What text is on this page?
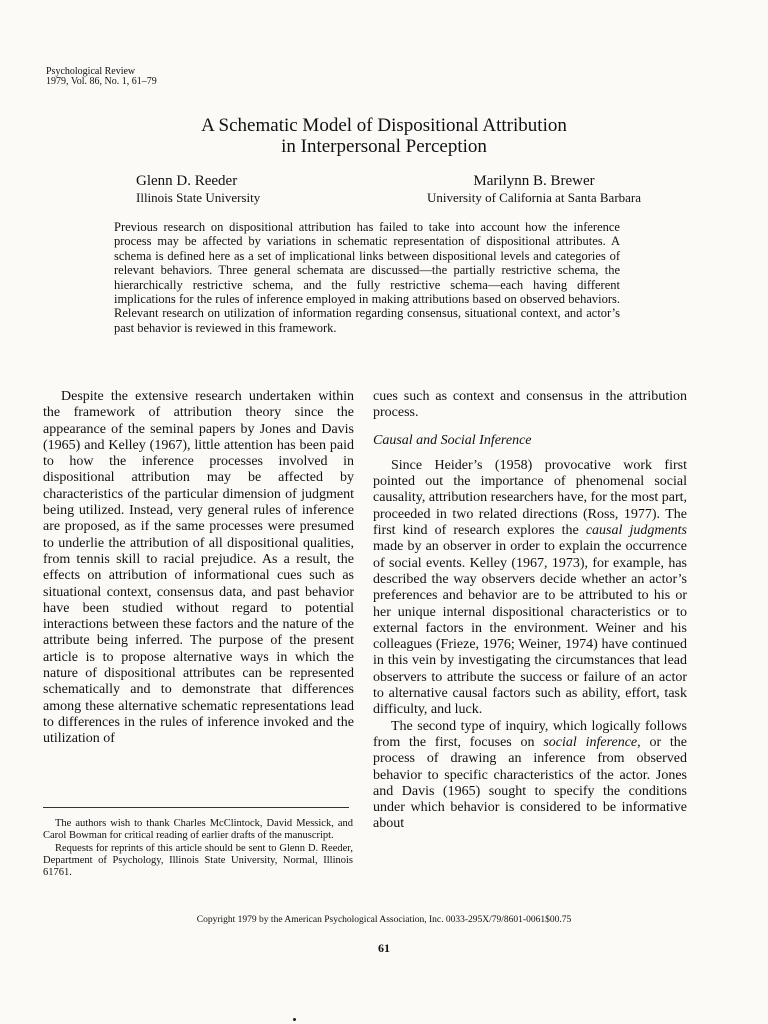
Psychological Review
1979, Vol. 86, No. 1, 61–79
A Schematic Model of Dispositional Attribution
in Interpersonal Perception
Glenn D. Reeder
Illinois State University
Marilynn B. Brewer
University of California at Santa Barbara

Previous research on dispositional attribution has failed to take into account how the inference process may be affected by variations in schematic representation of dispositional attributes. A schema is defined here as a set of implicational links between dispositional levels and categories of relevant behaviors. Three general schemata are discussed—the partially restrictive schema, the hierarchically restrictive schema, and the fully restrictive schema—each having different implications for the rules of inference employed in making attributions based on observed behaviors. Relevant research on utilization of information regarding consensus, situational context, and actor’s past behavior is reviewed in this framework.

Despite the extensive research undertaken within the framework of attribution theory since the appearance of the seminal papers by Jones and Davis (1965) and Kelley (1967), little attention has been paid to how the inference processes involved in dispositional attribution may be affected by characteristics of the particular dimension of judgment being utilized. Instead, very general rules of inference are proposed, as if the same processes were presumed to underlie the attribution of all dispositional qualities, from tennis skill to racial prejudice. As a result, the effects on attribution of informational cues such as situational context, consensus data, and past behavior have been studied without regard to potential interactions between these factors and the nature of the attribute being inferred. The purpose of the present article is to propose alternative ways in which the nature of dispositional attributes can be represented schematically and to demonstrate that differences among these alternative schematic representations lead to differences in the rules of inference invoked and the utilization of

cues such as context and consensus in the attribution process.

Causal and Social Inference

Since Heider’s (1958) provocative work first pointed out the importance of phenomenal social causality, attribution researchers have, for the most part, proceeded in two related directions (Ross, 1977). The first kind of research explores the causal judgments made by an observer in order to explain the occurrence of social events. Kelley (1967, 1973), for example, has described the way observers decide whether an actor’s preferences and behavior are to be attributed to his or her unique internal dispositional characteristics or to external factors in the environment. Weiner and his colleagues (Frieze, 1976; Weiner, 1974) have continued in this vein by investigating the circumstances that lead observers to attribute the success or failure of an actor to alternative causal factors such as ability, effort, task difficulty, and luck.

The second type of inquiry, which logically follows from the first, focuses on social inference, or the process of drawing an inference from observed behavior to specific characteristics of the actor. Jones and Davis (1965) sought to specify the conditions under which behavior is considered to be informative about

The authors wish to thank Charles McClintock, David Messick, and Carol Bowman for critical reading of earlier drafts of the manuscript.

Requests for reprints of this article should be sent to Glenn D. Reeder, Department of Psychology, Illinois State University, Normal, Illinois 61761.

Copyright 1979 by the American Psychological Association, Inc. 0033-295X/79/8601-0061$00.75
61
